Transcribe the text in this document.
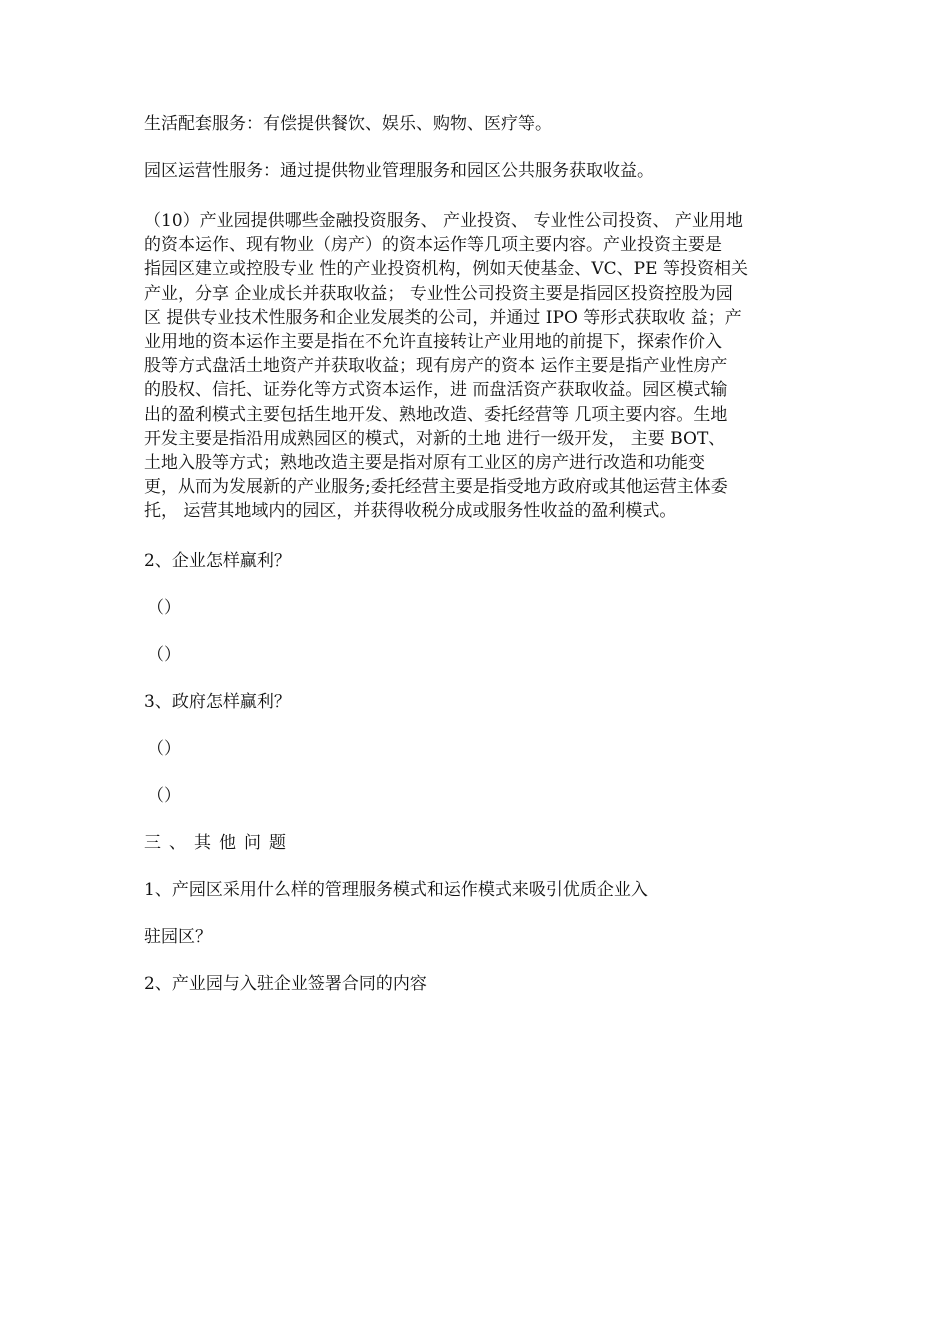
生活配套服务：有偿提供餐饮、娱乐、购物、医疗等。

园区运营性服务：通过提供物业管理服务和园区公共服务获取收益。

（10）产业园提供哪些金融投资服务、 产业投资、 专业性公司投资、 产业用地
的资本运作、现有物业（房产）的资本运作等几项主要内容。产业投资主要是
指园区建立或控股专业 性的产业投资机构，例如天使基金、VC、PE 等投资相关
产业，分享 企业成长并获取收益； 专业性公司投资主要是指园区投资控股为园
区 提供专业技术性服务和企业发展类的公司，并通过 IPO 等形式获取收 益；产
业用地的资本运作主要是指在不允许直接转让产业用地的前提下，探索作价入
股等方式盘活土地资产并获取收益；现有房产的资本 运作主要是指产业性房产
的股权、信托、证券化等方式资本运作，进 而盘活资产获取收益。园区模式输
出的盈利模式主要包括生地开发、熟地改造、委托经营等 几项主要内容。生地
开发主要是指沿用成熟园区的模式，对新的土地 进行一级开发， 主要 BOT、
土地入股等方式；熟地改造主要是指对原有工业区的房产进行改造和功能变
更，从而为发展新的产业服务;委托经营主要是指受地方政府或其他运营主体委
托， 运营其地域内的园区，并获得收税分成或服务性收益的盈利模式。

2、企业怎样赢利？

（）

（）

3、政府怎样赢利？

（）

（）

三、其他问题

1、产园区采用什么样的管理服务模式和运作模式来吸引优质企业入

驻园区？

2、产业园与入驻企业签署合同的内容
